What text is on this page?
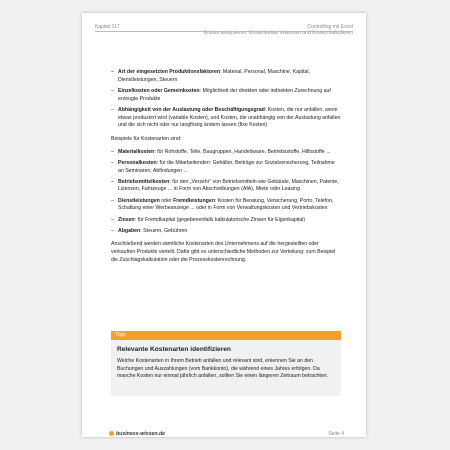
Kapitel 117	Controlling mit Excel
Kosten analysieren, Kostentreiber erkennen und Kosten kalkulieren
– Art der eingesetzten Produktionsfaktoren: Material, Personal, Maschine, Kapital, Dienstleistungen, Steuern
– Einzelkosten oder Gemeinkosten: Möglichkeit der direkten oder indirekten Zurechnung auf erzeugte Produkte
– Abhängigkeit von der Auslastung oder Beschäftigungsgrad: Kosten, die nur anfallen, wenn etwas produziert wird (variable Kosten), und Kosten, die unabhängig von der Auslastung anfallen und die sich nicht oder nur langfristig ändern lassen (fixe Kosten)
Beispiele für Kostenarten sind:
– Materialkosten: für Rohstoffe, Teile, Baugruppen, Handelsware, Betriebsstoffe, Hilfsstoffe ...
– Personalkosten: für die Mitarbeitenden: Gehälter, Beiträge zur Sozialversicherung, Teilnahme an Seminaren, Abfindungen ...
– Betriebsmittelkosten: für den „Verzehr“ von Betriebsmitteln wie Gebäude, Maschinen, Patente, Lizenzen, Fahrzeuge ... in Form von Abschreibungen (AfA), Miete oder Leasing
– Dienstleistungen oder Fremdleistungen: Kosten für Beratung, Versicherung, Porto, Telefon, Schaltung einer Werbeanzeige ... oder in Form von Verwaltungskosten und Vertriebskosten
– Zinsen: für Fremdkapital (gegebenenfalls kalkulatorische Zinsen für Eigenkapital)
– Abgaben: Steuern, Gebühren
Anschließend werden sämtliche Kostenarten des Unternehmens auf die hergestellten oder verkauften Produkte verteilt. Dafür gibt es unterschiedliche Methoden zur Verteilung: zum Beispiel die Zuschlagskalkulation oder die Prozesskostenrechnung.
Tipp
Relevante Kostenarten identifizieren
Welche Kostenarten in Ihrem Betrieb anfallen und relevant sind, erkennen Sie an den Buchungen und Auszahlungen (vom Bankkonto), die während eines Jahres erfolgen. Da manche Kosten nur einmal jährlich anfallen, sollten Sie einen längeren Zeitraum betrachten.
business-wissen.de	Seite 4
